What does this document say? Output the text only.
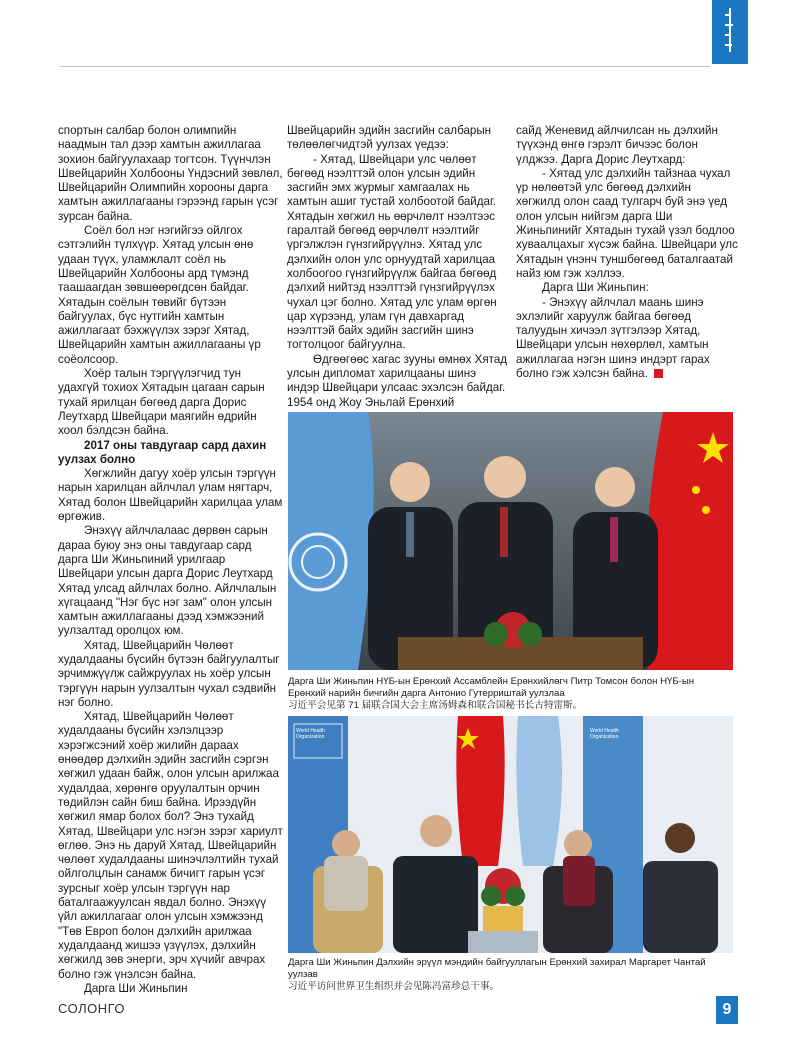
спортын салбар болон олимпийн наадмын тал дээр хамтын ажиллагаа зохион байгуулахаар тогтсон. Түүнчлэн Швейцарийн Холбооны Үндэсний зөвлөл, Швейцарийн Олимпийн хорооны дарга хамтын ажиллагааны гэрээнд гарын үсэг зурсан байна.

Соёл бол нэг нэгийгээ ойлгох сэтгэлийн түлхүүр. Хятад улсын өнө удаан түүх, уламжлалт соёл нь Швейцарийн Холбооны ард түмэнд таашаагдан зөвшөөрөгдсөн байдаг. Хятадын соёлын төвийг бүтээн байгуулах, бүс нутгийн хамтын ажиллагаат бэхжүүлэх зэрэг Хятад, Швейцарийн хамтын ажиллагааны үр соёолсоор.

Хоёр талын тэргүүлэгчид тун удахгүй тохиох Хятадын цагаан сарын тухай ярилцан бөгөөд дарга Дорис Леутхард Швейцари маягийн өдрийн хоол бэлдсэн байна.

2017 оны тавдугаар сард дахин уулзах болно

Хөгжлийн дагуу хоёр улсын тэргүүн нарын харилцан айлчлал улам нягтарч, Хятад болон Швейцарийн харилцаа улам өргөжив.

Энэхүү айлчлалаас дөрвөн сарын дараа буюу энэ оны тавдугаар сард дарга Ши Жиньпиний урилгаар Швейцари улсын дарга Дорис Леутхард Хятад улсад айлчлах болно. Айлчлалын хүгацаанд "Нэг бүс нэг зам" олон улсын хамтын ажиллагааны дээд хэмжээний уулзалтад оролцох юм.

Хятад, Швейцарийн Чөлөөт худалдааны бүсийн бүтээн байгуулалтыг эрчимжүүлж сайжруулах нь хоёр улсын тэргүүн нарын уулзалтын чухал сэдвийн нэг болно.

Хятад, Швейцарийн Чөлөөт худалдааны бүсийн хэлэлцээр хэрэгжсэний хоёр жилийн дараах өнөөдөр дэлхийн эдийн засгийн сэргэн хөгжил удаан байж, олон улсын арилжаа худалдаа, хөрөнгө оруулалтын орчин төдийлэн сайн биш байна. Ирээдүйн хөгжил ямар болох бол? Энэ тухайд Хятад, Швейцари улс нэгэн зэрэг хариулт өглөө. Энэ нь даруй Хятад, Швейцарийн чөлөөт худалдааны шинэчлэлтийн тухай ойлголцлын санамж бичигт гарын үсэг зурсныг хоёр улсын тэргүүн нар баталгаажуулсан явдал болно. Энэхүү үйл ажиллагааг олон улсын хэмжээнд "Төв Европ болон дэлхийн арилжаа худалдаанд жишээ үзүүлэх, дэлхийн хөгжилд зөв энерги, эрч хүчийг авчрах болно гэж үнэлсэн байна.

Дарга Ши Жиньпин

Швейцарийн эдийн засгийн салбарын төлөөлөгчидтэй уулзах үедээ:

- Хятад, Швейцари улс чөлөөт бөгөөд нээлттэй олон улсын эдийн засгийн эмх журмыг хамгаалах нь хамтын ашиг тустай холбоотой байдаг. Хятадын хөгжил нь өөрчлөлт нээлтээс гаралтай бөгөөд өөрчлөлт нээлтийг үргэлжлэн гүнзгийрүүлнэ. Хятад улс дэлхийн олон улс орнуудтай харилцаа холбоогоо гүнзгийрүүлж байгаа бөгөөд дэлхий нийтэд нээлттэй гүнзгийрүүлэх чухал цэг болно. Хятад улс улам өргөн цар хүрээнд, улам гүн давхаргад нээлттэй байх эдийн засгийн шинэ тогтолцоог байгуулна.

Өдгөөгөөс хагас зууны өмнөх Хятад улсын дипломат харилцааны шинэ индэр Швейцари улсаас эхэлсэн байдаг. 1954 онд Жоу Эньлай Ерөнхий

сайд Женевид айлчилсан нь дэлхийн түүхэнд өнгө гэрэлт бичээс болон үлджээ. Дарга Дорис Леутхард:

- Хятад улс дэлхийн тайзнаа чухал үр нөлөөтэй улс бөгөөд дэлхийн хөгжилд олон саад тулгарч буй энэ үед олон улсын нийгэм дарга Ши Жиньпинийг Хятадын тухай үзэл бодлоо хуваалцахыг хүсэж байна. Швейцари улс Хятадын үнэнч туншбөгөөд баталгаатай найз юм гэж хэллээ.

Дарга Ши Жиньпин:

- Энэхүү айлчлал маань шинэ эхлэлийг харуулж байгаа бөгөөд талуудын хичээл зүтгэлээр Хятад, Швейцари улсын нөхөрлөл, хамтын ажиллагаа нэгэн шинэ индэрт гарах болно гэж хэлсэн байна.

Дарга Ши Жиньпин НҮБ-ын Ерөнхий Ассамблейн Ерөнхийлөгч Питр Томсон болон НҮБ-ын Ерөнхий нарийн бичгийн дарга Антонио Гутерриштай уулзлаа
习近平会见第 71 届联合国大会主席汤姆森和联合国秘书长古特雷斯。
World Health
Organization
World Health
Organization
Дарга Ши Жиньпин Дэлхийн эрүүл мэндийн байгууллагын Ерөнхий захирал Маргарет Чантай уулзав
习近平访问世界卫生组织并会见陈冯富珍总干事。
СОЛОНГО	9
